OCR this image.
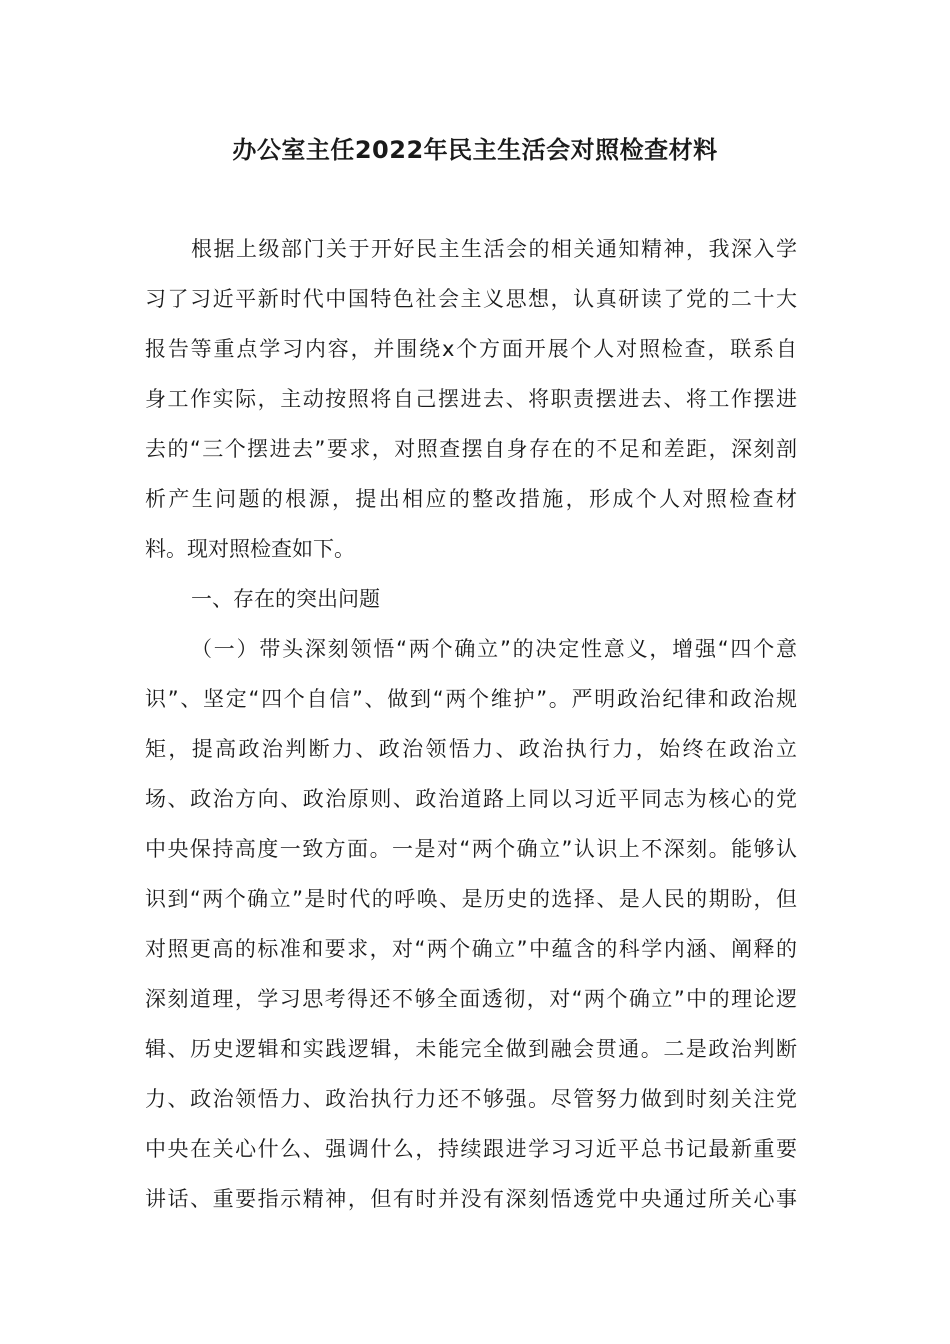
办公室主任2022年民主生活会对照检查材料
根据上级部门关于开好民主生活会的相关通知精神，我深入学
习了习近平新时代中国特色社会主义思想，认真研读了党的二十大
报告等重点学习内容，并围绕x个方面开展个人对照检查，联系自
身工作实际，主动按照将自己摆进去、将职责摆进去、将工作摆进
去的“三个摆进去”要求，对照查摆自身存在的不足和差距，深刻剖
析产生问题的根源，提出相应的整改措施，形成个人对照检查材
料。现对照检查如下。
一、存在的突出问题
（一）带头深刻领悟“两个确立”的决定性意义，增强“四个意
识”、坚定“四个自信”、做到“两个维护”。严明政治纪律和政治规
矩，提高政治判断力、政治领悟力、政治执行力，始终在政治立
场、政治方向、政治原则、政治道路上同以习近平同志为核心的党
中央保持高度一致方面。一是对“两个确立”认识上不深刻。能够认
识到“两个确立”是时代的呼唤、是历史的选择、是人民的期盼，但
对照更高的标准和要求，对“两个确立”中蕴含的科学内涵、阐释的
深刻道理，学习思考得还不够全面透彻，对“两个确立”中的理论逻
辑、历史逻辑和实践逻辑，未能完全做到融会贯通。二是政治判断
力、政治领悟力、政治执行力还不够强。尽管努力做到时刻关注党
中央在关心什么、强调什么，持续跟进学习习近平总书记最新重要
讲话、重要指示精神，但有时并没有深刻悟透党中央通过所关心事
